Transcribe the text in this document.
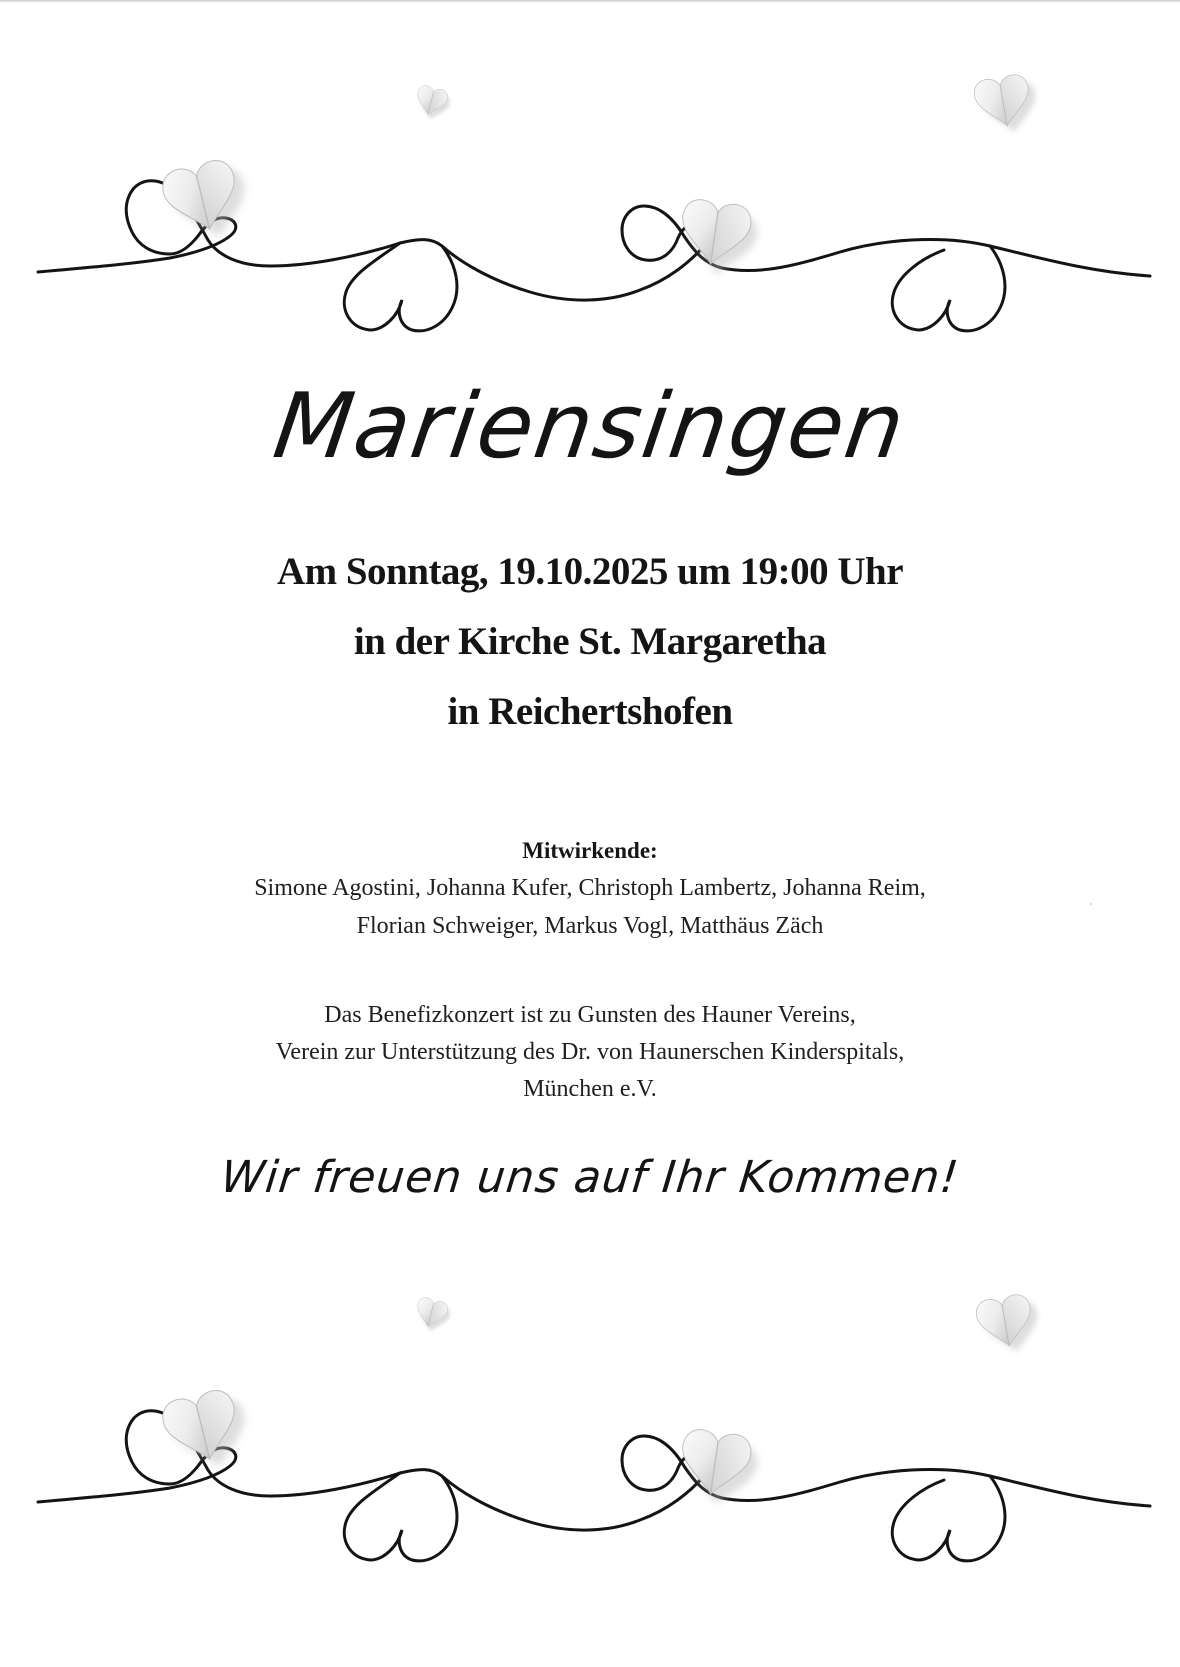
Mariensingen
Am Sonntag, 19.10.2025 um 19:00 Uhr
in der Kirche St. Margaretha
in Reichertshofen
Mitwirkende:
Simone Agostini, Johanna Kufer, Christoph Lambertz, Johanna Reim,
Florian Schweiger, Markus Vogl, Matthäus Zäch
Das Benefizkonzert ist zu Gunsten des Hauner Vereins,
Verein zur Unterstützung des Dr. von Haunerschen Kinderspitals,
München e.V.
Wir freuen uns auf Ihr Kommen!
